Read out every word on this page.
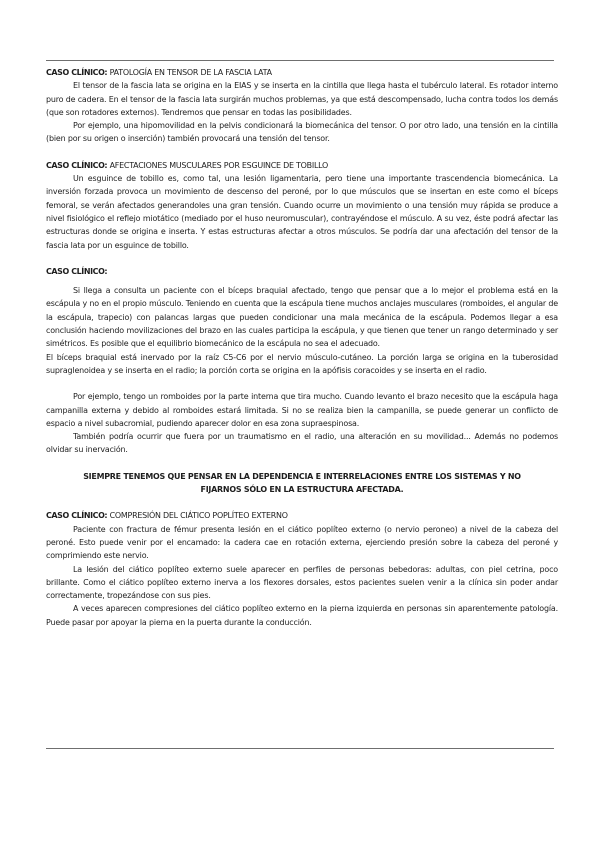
CASO CLÍNICO: PATOLOGÍA EN TENSOR DE LA FASCIA LATA

El tensor de la fascia lata se origina en la EIAS y se inserta en la cintilla que llega hasta el tubérculo lateral. Es rotador interno puro de cadera. En el tensor de la fascia lata surgirán muchos problemas, ya que está descompensado, lucha contra todos los demás (que son rotadores externos). Tendremos que pensar en todas las posibilidades.

Por ejemplo, una hipomovilidad en la pelvis condicionará la biomecánica del tensor. O por otro lado, una tensión en la cintilla (bien por su origen o inserción) también provocará una tensión del tensor.

CASO CLÍNICO: AFECTACIONES MUSCULARES POR ESGUINCE DE TOBILLO

Un esguince de tobillo es, como tal, una lesión ligamentaria, pero tiene una importante trascendencia biomecánica. La inversión forzada provoca un movimiento de descenso del peroné, por lo que músculos que se insertan en este como el bíceps femoral, se verán afectados generandoles una gran tensión. Cuando ocurre un movimiento o una tensión muy rápida se produce a nivel fisiológico el reflejo miotático (mediado por el huso neuromuscular), contrayéndose el músculo. A su vez, éste podrá afectar las estructuras donde se origina e inserta. Y estas estructuras afectar a otros músculos. Se podría dar una afectación del tensor de la fascia lata por un esguince de tobillo.

CASO CLÍNICO:

Si llega a consulta un paciente con el bíceps braquial afectado, tengo que pensar que a lo mejor el problema está en la escápula y no en el propio músculo. Teniendo en cuenta que la escápula tiene muchos anclajes musculares (romboides, el angular de la escápula, trapecio) con palancas largas que pueden condicionar una mala mecánica de la escápula. Podemos llegar a esa conclusión haciendo movilizaciones del brazo en las cuales participa la escápula, y que tienen que tener un rango determinado y ser simétricos. Es posible que el equilibrio biomecánico de la escápula no sea el adecuado.

El bíceps braquial está inervado por la raíz C5-C6 por el nervio músculo-cutáneo. La porción larga se origina en la tuberosidad supraglenoidea y se inserta en el radio; la porción corta se origina en la apófisis coracoides y se inserta en el radio.

Por ejemplo, tengo un romboides por la parte interna que tira mucho. Cuando levanto el brazo necesito que la escápula haga campanilla externa y debido al romboides estará limitada. Si no se realiza bien la campanilla, se puede generar un conflicto de espacio a nivel subacromial, pudiendo aparecer dolor en esa zona supraespinosa.

También podría ocurrir que fuera por un traumatismo en el radio, una alteración en su movilidad... Además no podemos olvidar su inervación.

SIEMPRE TENEMOS QUE PENSAR EN LA DEPENDENCIA E INTERRELACIONES ENTRE LOS SISTEMAS Y NO

FIJARNOS SÓLO EN LA ESTRUCTURA AFECTADA.

CASO CLÍNICO: COMPRESIÓN DEL CIÁTICO POPLÍTEO EXTERNO

Paciente con fractura de fémur presenta lesión en el ciático poplíteo externo (o nervio peroneo) a nivel de la cabeza del peroné. Esto puede venir por el encamado: la cadera cae en rotación externa, ejerciendo presión sobre la cabeza del peroné y comprimiendo este nervio.

La lesión del ciático poplíteo externo suele aparecer en perfiles de personas bebedoras: adultas, con piel cetrina, poco brillante. Como el ciático poplíteo externo inerva a los flexores dorsales, estos pacientes suelen venir a la clínica sin poder andar correctamente, tropezándose con sus pies.

A veces aparecen compresiones del ciático poplíteo externo en la pierna izquierda en personas sin aparentemente patología. Puede pasar por apoyar la pierna en la puerta durante la conducción.
